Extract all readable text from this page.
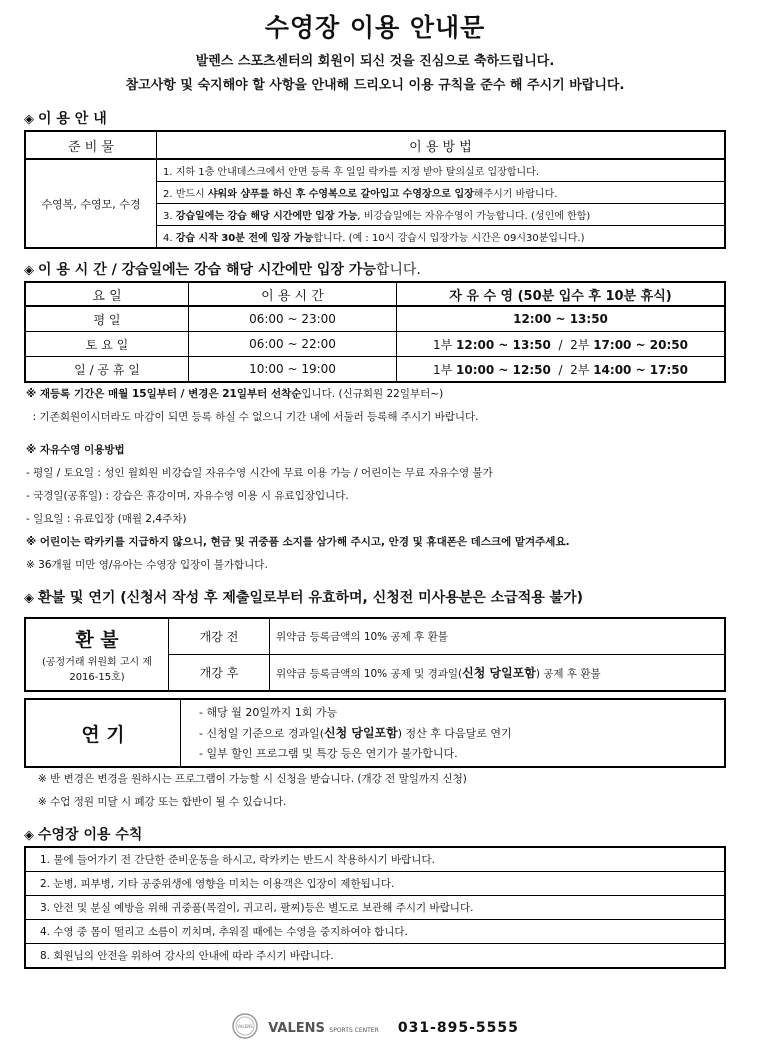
수영장 이용 안내문
발렌스 스포츠센터의 회원이 되신 것을 진심으로 축하드립니다.
참고사항 및 숙지해야 할 사항을 안내해 드리오니 이용 규칙을 준수 해 주시기 바랍니다.
◈ 이 용 안 내
준 비 물	이 용 방 법
수영복, 수영모, 수경	1. 지하 1층 안내데스크에서 안면 등록 후 일일 락카를 지정 받아 탈의실로 입장합니다.
	2. 반드시 샤워와 샴푸를 하신 후 수영복으로 갈아입고 수영장으로 입장해주시기 바랍니다.
	3. 강습일에는 강습 해당 시간에만 입장 가능, 비강습일에는 자유수영이 가능합니다. (성인에 한함)
	4. 강습 시작 30분 전에 입장 가능합니다. (예 : 10시 강습시 입장가능 시간은 09시30분입니다.)
◈ 이 용 시 간 / 강습일에는 강습 해당 시간에만 입장 가능합니다.
요 일	이 용 시 간	자 유 수 영 (50분 입수 후 10분 휴식)
평 일	06:00 ~ 23:00	12:00 ~ 13:50
토 요 일	06:00 ~ 22:00	1부 12:00 ~ 13:50  /  2부 17:00 ~ 20:50
일 / 공 휴 일	10:00 ~ 19:00	1부 10:00 ~ 12:50  /  2부 14:00 ~ 17:50
※ 재등록 기간은 매월 15일부터 / 변경은 21일부터 선착순입니다. (신규회원 22일부터~)
: 기존회원이시더라도 마감이 되면 등록 하실 수 없으니 기간 내에 서둘러 등록해 주시기 바랍니다.
※ 자유수영 이용방법
- 평일 / 토요일 : 성인 월회원 비강습일 자유수영 시간에 무료 이용 가능 / 어린이는 무료 자유수영 불가
- 국경일(공휴일) : 강습은 휴강이며, 자유수영 이용 시 유료입장입니다.
- 일요일 : 유료입장 (매월 2,4주차)
※ 어린이는 락카키를 지급하지 않으니, 현금 및 귀중품 소지를 삼가해 주시고, 안경 및 휴대폰은 데스크에 맡겨주세요.
※ 36개월 미만 영/유아는 수영장 입장이 불가합니다.
◈ 환불 및 연기 (신청서 작성 후 제출일로부터 유효하며, 신청전 미사용분은 소급적용 불가)
환 불
(공정거래 위원회 고시 제 2016-15호)	개강 전	위약금 등록금액의 10% 공제 후 환불
	개강 후	위약금 등록금액의 10% 공제 및 경과일(신청 당일포함) 공제 후 환불
연 기	
- 해당 월 20일까지 1회 가능
- 신청일 기준으로 경과일(신청 당일포함) 정산 후 다음달로 연기
- 일부 할인 프로그램 및 특강 등은 연기가 불가합니다.
※ 반 변경은 변경을 원하시는 프로그램이 가능할 시 신청을 받습니다. (개강 전 말일까지 신청)
※ 수업 정원 미달 시 폐강 또는 합반이 될 수 있습니다.
◈ 수영장 이용 수칙
1. 물에 들어가기 전 간단한 준비운동을 하시고, 락카키는 반드시 착용하시기 바랍니다.
2. 눈병, 피부병, 기타 공중위생에 영향을 미치는 이용객은 입장이 제한됩니다.
3. 안전 및 분실 예방을 위해 귀중품(목걸이, 귀고리, 팔찌)등은 별도로 보관해 주시기 바랍니다.
4. 수영 중 몸이 떨리고 소름이 끼치며, 추워질 때에는 수영을 중지하여야 합니다.
8. 회원님의 안전을 위하여 강사의 안내에 따라 주시기 바랍니다.
VALENS VALENS SPORTS CENTER 031-895-5555
